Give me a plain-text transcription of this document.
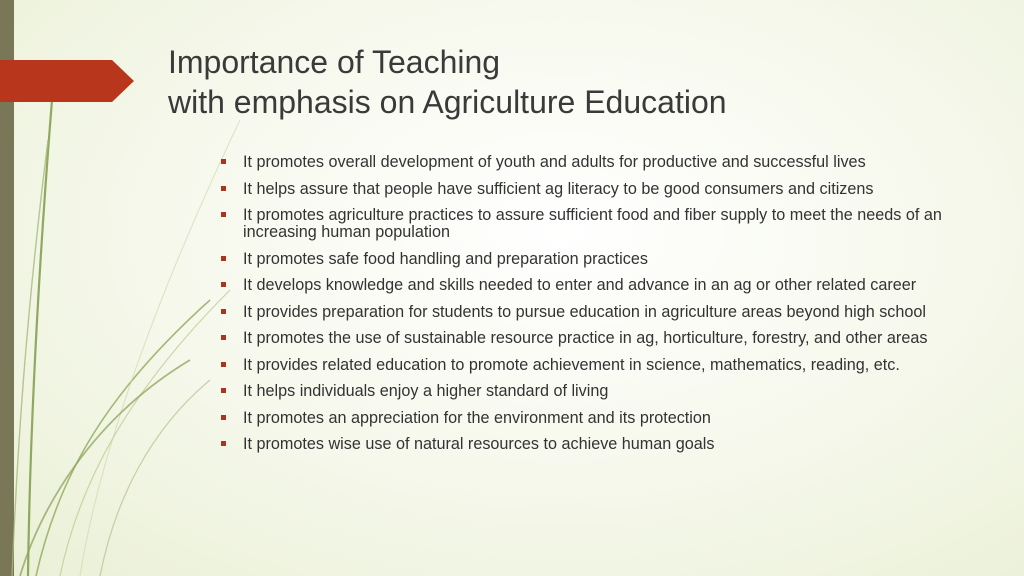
Importance of Teaching
with emphasis on Agriculture Education
It promotes overall development of youth and adults for productive and successful lives
It helps assure that people have sufficient ag literacy to be good consumers and citizens
It promotes agriculture practices to assure sufficient food and fiber supply to meet the needs of an increasing human population
It promotes safe food handling and preparation practices
It develops knowledge and skills needed to enter and advance in an ag or other related career
It provides preparation for students to pursue education in agriculture areas beyond high school
It promotes the use of sustainable resource practice in ag, horticulture, forestry, and other areas
It provides related education to promote achievement in science, mathematics, reading, etc.
It helps individuals enjoy a higher standard of living
It promotes an appreciation for the environment and its protection
It promotes wise use of natural resources to achieve human goals
